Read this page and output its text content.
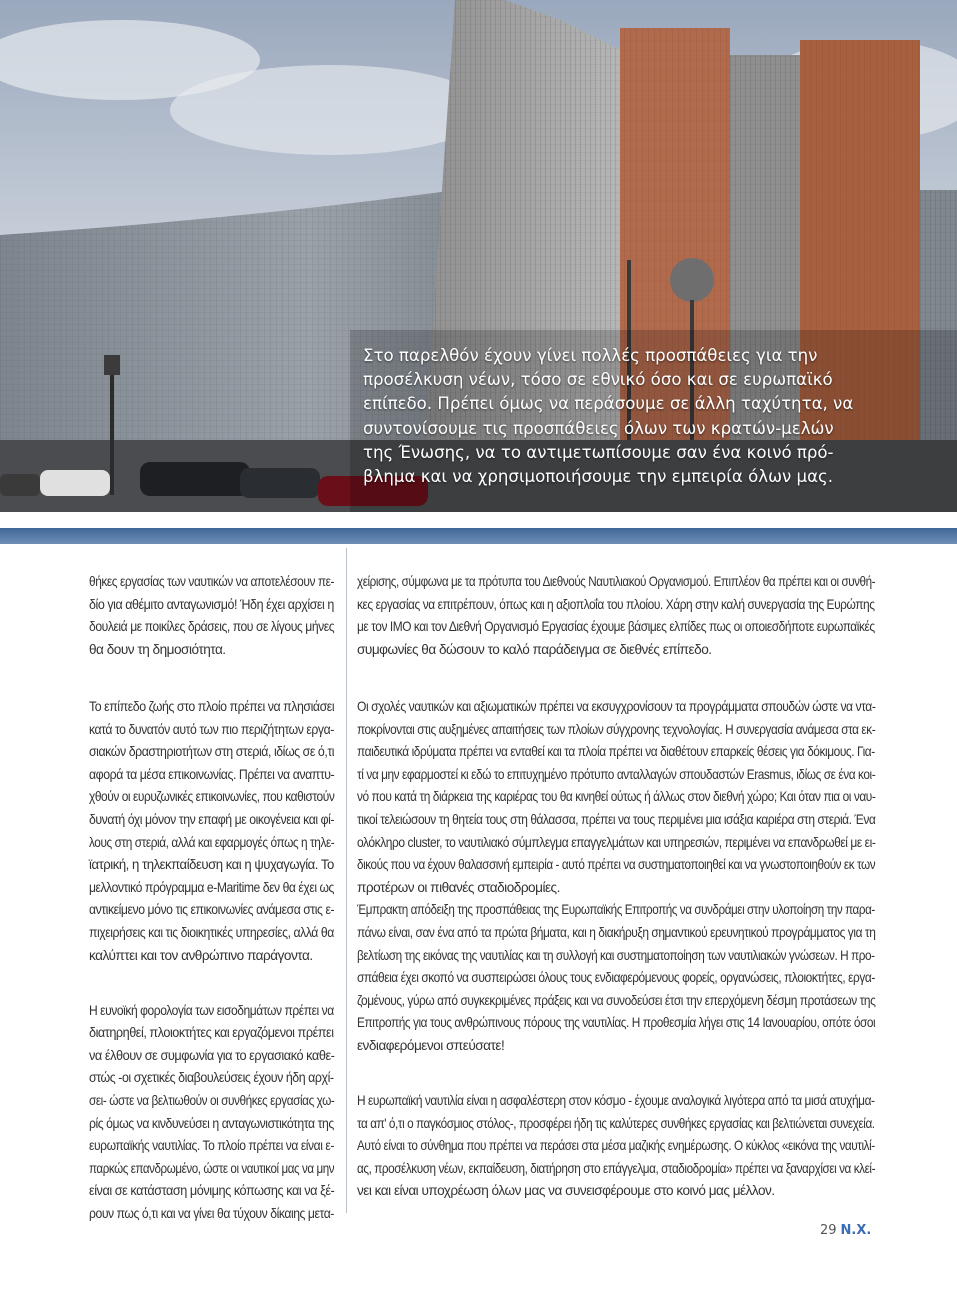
Στο παρελθόν έχουν γίνει πολλές προσπάθειες για την
προσέλκυση νέων, τόσο σε εθνικό όσο και σε ευρωπαϊκό
επίπεδο. Πρέπει όμως να περάσουμε σε άλλη ταχύτητα, να
συντονίσουμε τις προσπάθειες όλων των κρατών-μελών
της Ένωσης, να το αντιμετωπίσουμε σαν ένα κοινό πρό-
βλημα και να χρησιμοποιήσουμε την εμπειρία όλων μας.

θήκες εργασίας των ναυτικών να αποτελέσουν πε-
δίο για αθέμιτο ανταγωνισμό! Ήδη έχει αρχίσει η
δουλειά με ποικίλες δράσεις, που σε λίγους μήνες
θα δουν τη δημοσιότητα.

Το επίπεδο ζωής στο πλοίο πρέπει να πλησιάσει
κατά το δυνατόν αυτό των πιο περιζήτητων εργα-
σιακών δραστηριοτήτων στη στεριά, ιδίως σε ό,τι
αφορά τα μέσα επικοινωνίας. Πρέπει να αναπτυ-
χθούν οι ευρυζωνικές επικοινωνίες, που καθιστούν
δυνατή όχι μόνον την επαφή με οικογένεια και φί-
λους στη στεριά, αλλά και εφαρμογές όπως η τηλε-
ϊατρική, η τηλεκπαίδευση και η ψυχαγωγία. Το
μελλοντικό πρόγραμμα e-Maritime δεν θα έχει ως
αντικείμενο μόνο τις επικοινωνίες ανάμεσα στις ε-
πιχειρήσεις και τις διοικητικές υπηρεσίες, αλλά θα
καλύπτει και τον ανθρώπινο παράγοντα.

Η ευνοϊκή φορολογία των εισοδημάτων πρέπει να
διατηρηθεί, πλοιοκτήτες και εργαζόμενοι πρέπει
να έλθουν σε συμφωνία για το εργασιακό καθε-
στώς -οι σχετικές διαβουλεύσεις έχουν ήδη αρχί-
σει- ώστε να βελτιωθούν οι συνθήκες εργασίας χω-
ρίς όμως να κινδυνεύσει η ανταγωνιστικότητα της
ευρωπαϊκής ναυτιλίας. Το πλοίο πρέπει να είναι ε-
παρκώς επανδρωμένο, ώστε οι ναυτικοί μας να μην
είναι σε κατάσταση μόνιμης κόπωσης και να ξέ-
ρουν πως ό,τι και να γίνει θα τύχουν δίκαιης μετα-

χείρισης, σύμφωνα με τα πρότυπα του Διεθνούς Ναυτιλιακού Οργανισμού. Επιπλέον θα πρέπει και οι συνθή-
κες εργασίας να επιτρέπουν, όπως και η αξιοπλοΐα του πλοίου. Χάρη στην καλή συνεργασία της Ευρώπης
με τον ΙΜΟ και τον Διεθνή Οργανισμό Εργασίας έχουμε βάσιμες ελπίδες πως οι οποιεσδήποτε ευρωπαϊκές
συμφωνίες θα δώσουν το καλό παράδειγμα σε διεθνές επίπεδο.

Οι σχολές ναυτικών και αξιωματικών πρέπει να εκσυγχρονίσουν τα προγράμματα σπουδών ώστε να ντα-
ποκρίνονται στις αυξημένες απαιτήσεις των πλοίων σύγχρονης τεχνολογίας. Η συνεργασία ανάμεσα στα εκ-
παιδευτικά ιδρύματα πρέπει να ενταθεί και τα πλοία πρέπει να διαθέτουν επαρκείς θέσεις για δόκιμους. Για-
τί να μην εφαρμοστεί κι εδώ το επιτυχημένο πρότυπο ανταλλαγών σπουδαστών Erasmus, ιδίως σε ένα κοι-
νό που κατά τη διάρκεια της καριέρας του θα κινηθεί ούτως ή άλλως στον διεθνή χώρο; Και όταν πια οι ναυ-
τικοί τελειώσουν τη θητεία τους στη θάλασσα, πρέπει να τους περιμένει μια ισάξια καριέρα στη στεριά. Ένα
ολόκληρο cluster, το ναυτιλιακό σύμπλεγμα επαγγελμάτων και υπηρεσιών, περιμένει να επανδρωθεί με ει-
δικούς που να έχουν θαλασσινή εμπειρία - αυτό πρέπει να συστηματοποιηθεί και να γνωστοποιηθούν εκ των
προτέρων οι πιθανές σταδιοδρομίες.
Έμπρακτη απόδειξη της προσπάθειας της Ευρωπαϊκής Επιτροπής να συνδράμει στην υλοποίηση την παρα-
πάνω είναι, σαν ένα από τα πρώτα βήματα, και η διακήρυξη σημαντικού ερευνητικού προγράμματος για τη
βελτίωση της εικόνας της ναυτιλίας και τη συλλογή και συστηματοποίηση των ναυτιλιακών γνώσεων. Η προ-
σπάθεια έχει σκοπό να συσπειρώσει όλους τους ενδιαφερόμενους φορείς, οργανώσεις, πλοιοκτήτες, εργα-
ζομένους, γύρω από συγκεκριμένες πράξεις και να συνοδεύσει έτσι την επερχόμενη δέσμη προτάσεων της
Επιτροπής για τους ανθρώπινους πόρους της ναυτιλίας. Η προθεσμία λήγει στις 14 Ιανουαρίου, οπότε όσοι
ενδιαφερόμενοι σπεύσατε!

Η ευρωπαϊκή ναυτιλία είναι η ασφαλέστερη στον κόσμο - έχουμε αναλογικά λιγότερα από τα μισά ατυχήμα-
τα απ' ό,τι ο παγκόσμιος στόλος-, προσφέρει ήδη τις καλύτερες συνθήκες εργασίας και βελτιώνεται συνεχεία.
Αυτό είναι το σύνθημα που πρέπει να περάσει στα μέσα μαζικής ενημέρωσης. Ο κύκλος «εικόνα της ναυτιλί-
ας, προσέλκυση νέων, εκπαίδευση, διατήρηση στο επάγγελμα, σταδιοδρομία» πρέπει να ξαναρχίσει να κλεί-
νει και είναι υποχρέωση όλων μας να συνεισφέρουμε στο κοινό μας μέλλον.

29 Ν.Χ.
